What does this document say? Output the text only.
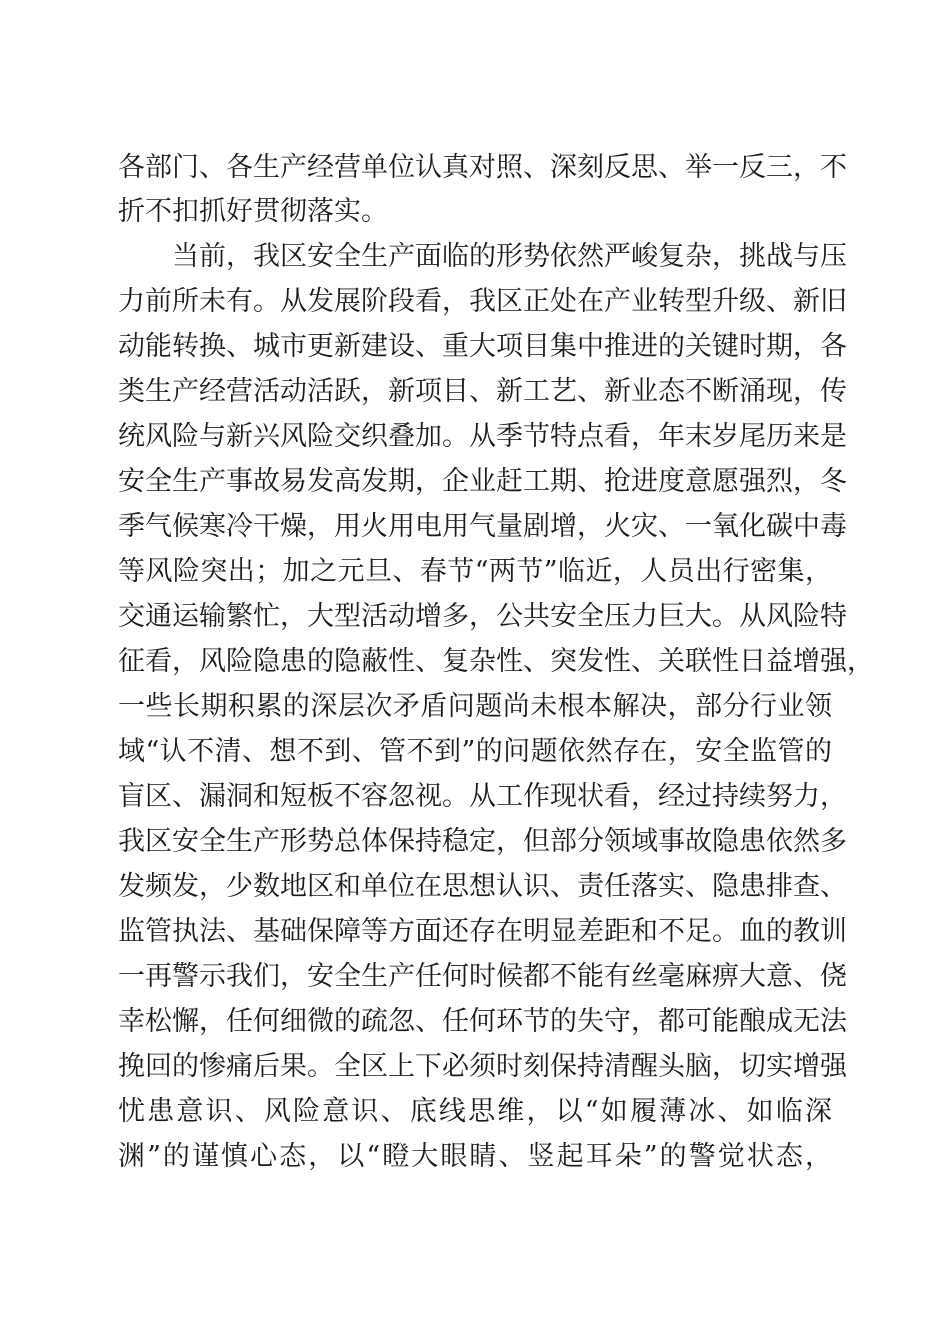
各部门、各生产经营单位认真对照、深刻反思、举一反三，不
折不扣抓好贯彻落实。
当前，我区安全生产面临的形势依然严峻复杂，挑战与压
力前所未有。从发展阶段看，我区正处在产业转型升级、新旧
动能转换、城市更新建设、重大项目集中推进的关键时期，各
类生产经营活动活跃，新项目、新工艺、新业态不断涌现，传
统风险与新兴风险交织叠加。从季节特点看，年末岁尾历来是
安全生产事故易发高发期，企业赶工期、抢进度意愿强烈，冬
季气候寒冷干燥，用火用电用气量剧增，火灾、一氧化碳中毒
等风险突出；加之元旦、春节“两节”临近，人员出行密集，
交通运输繁忙，大型活动增多，公共安全压力巨大。从风险特
征看，风险隐患的隐蔽性、复杂性、突发性、关联性日益增强，
一些长期积累的深层次矛盾问题尚未根本解决，部分行业领
域“认不清、想不到、管不到”的问题依然存在，安全监管的
盲区、漏洞和短板不容忽视。从工作现状看，经过持续努力，
我区安全生产形势总体保持稳定，但部分领域事故隐患依然多
发频发，少数地区和单位在思想认识、责任落实、隐患排查、
监管执法、基础保障等方面还存在明显差距和不足。血的教训
一再警示我们，安全生产任何时候都不能有丝毫麻痹大意、侥
幸松懈，任何细微的疏忽、任何环节的失守，都可能酿成无法
挽回的惨痛后果。全区上下必须时刻保持清醒头脑，切实增强
忧患意识、风险意识、底线思维，以“如履薄冰、如临深
渊”的谨慎心态，以“瞪大眼睛、竖起耳朵”的警觉状态，
